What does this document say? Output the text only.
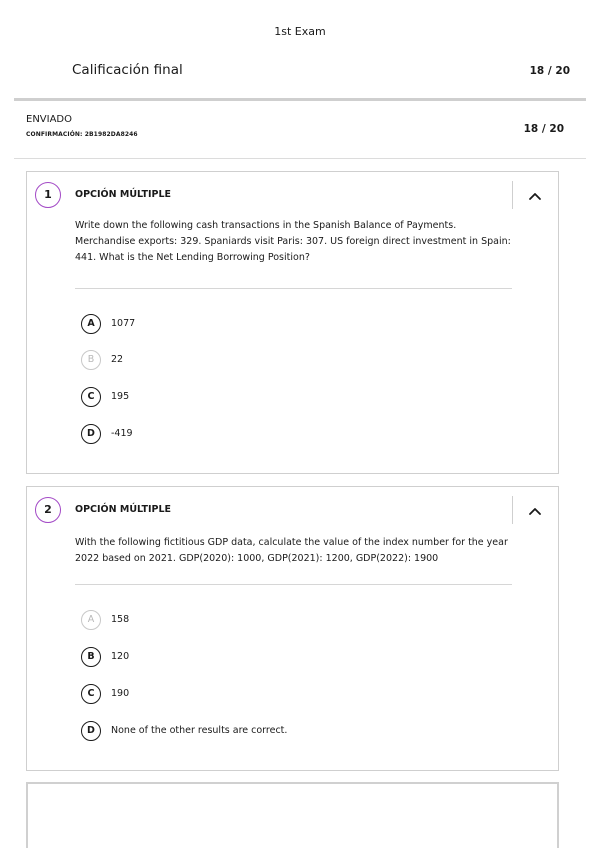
1st Exam
Calificación final	18 / 20
ENVIADO
CONFIRMACIÓN: 2B1982DA8246	18 / 20
1	OPCIÓN MÚLTIPLE
Write down the following cash transactions in the Spanish Balance of Payments. Merchandise exports: 329. Spaniards visit Paris: 307. US foreign direct investment in Spain: 441. What is the Net Lending Borrowing Position?
A	1077
B	22
C	195
D	-419
2	OPCIÓN MÚLTIPLE
With the following fictitious GDP data, calculate the value of the index number for the year 2022 based on 2021. GDP(2020): 1000, GDP(2021): 1200, GDP(2022): 1900
A	158
B	120
C	190
D	None of the other results are correct.
